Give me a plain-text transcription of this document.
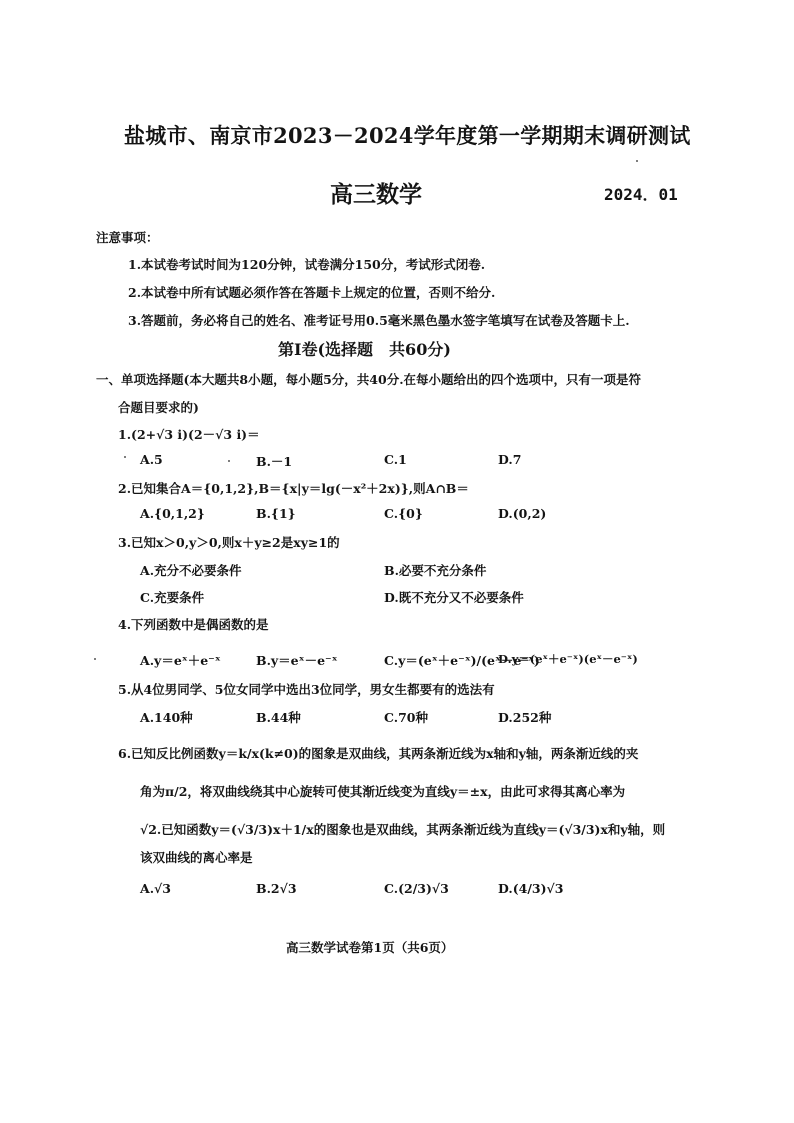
盐城市、南京市2023－2024学年度第一学期期末调研测试
高三数学	2024．01
注意事项：
1.本试卷考试时间为120分钟，试卷满分150分，考试形式闭卷.
2.本试卷中所有试题必须作答在答题卡上规定的位置，否则不给分.
3.答题前，务必将自己的姓名、准考证号用0.5毫米黑色墨水签字笔填写在试卷及答题卡上.
第Ⅰ卷(选择题　共60分)
一、单项选择题(本大题共8小题，每小题5分，共40分.在每小题给出的四个选项中，只有一项是符
合题目要求的)
1.(2+√3 i)(2－√3 i)＝
A.5	B.－1	C.1	D.7
2.已知集合A＝{0,1,2},B＝{x|y＝lg(－x²＋2x)},则A∩B＝
A.{0,1,2}	B.{1}	C.{0}	D.(0,2)
3.已知x＞0,y＞0,则x＋y≥2是xy≥1的
A.充分不必要条件	B.必要不充分条件
C.充要条件	D.既不充分又不必要条件
4.下列函数中是偶函数的是
A.y＝eˣ＋e⁻ˣ	B.y＝eˣ－e⁻ˣ	C.y＝(eˣ＋e⁻ˣ)/(eˣ－e⁻ˣ)
D.y＝(eˣ＋e⁻ˣ)(eˣ－e⁻ˣ)
5.从4位男同学、5位女同学中选出3位同学，男女生都要有的选法有
A.140种	B.44种	C.70种	D.252种
6.已知反比例函数y＝k/x(k≠0)的图象是双曲线，其两条渐近线为x轴和y轴，两条渐近线的夹
角为π/2，将双曲线绕其中心旋转可使其渐近线变为直线y＝±x，由此可求得其离心率为
√2.已知函数y＝(√3/3)x＋1/x的图象也是双曲线，其两条渐近线为直线y＝(√3/3)x和y轴，则
该双曲线的离心率是
A.√3	B.2√3	C.(2/3)√3	D.(4/3)√3
高三数学试卷第1页（共6页）
